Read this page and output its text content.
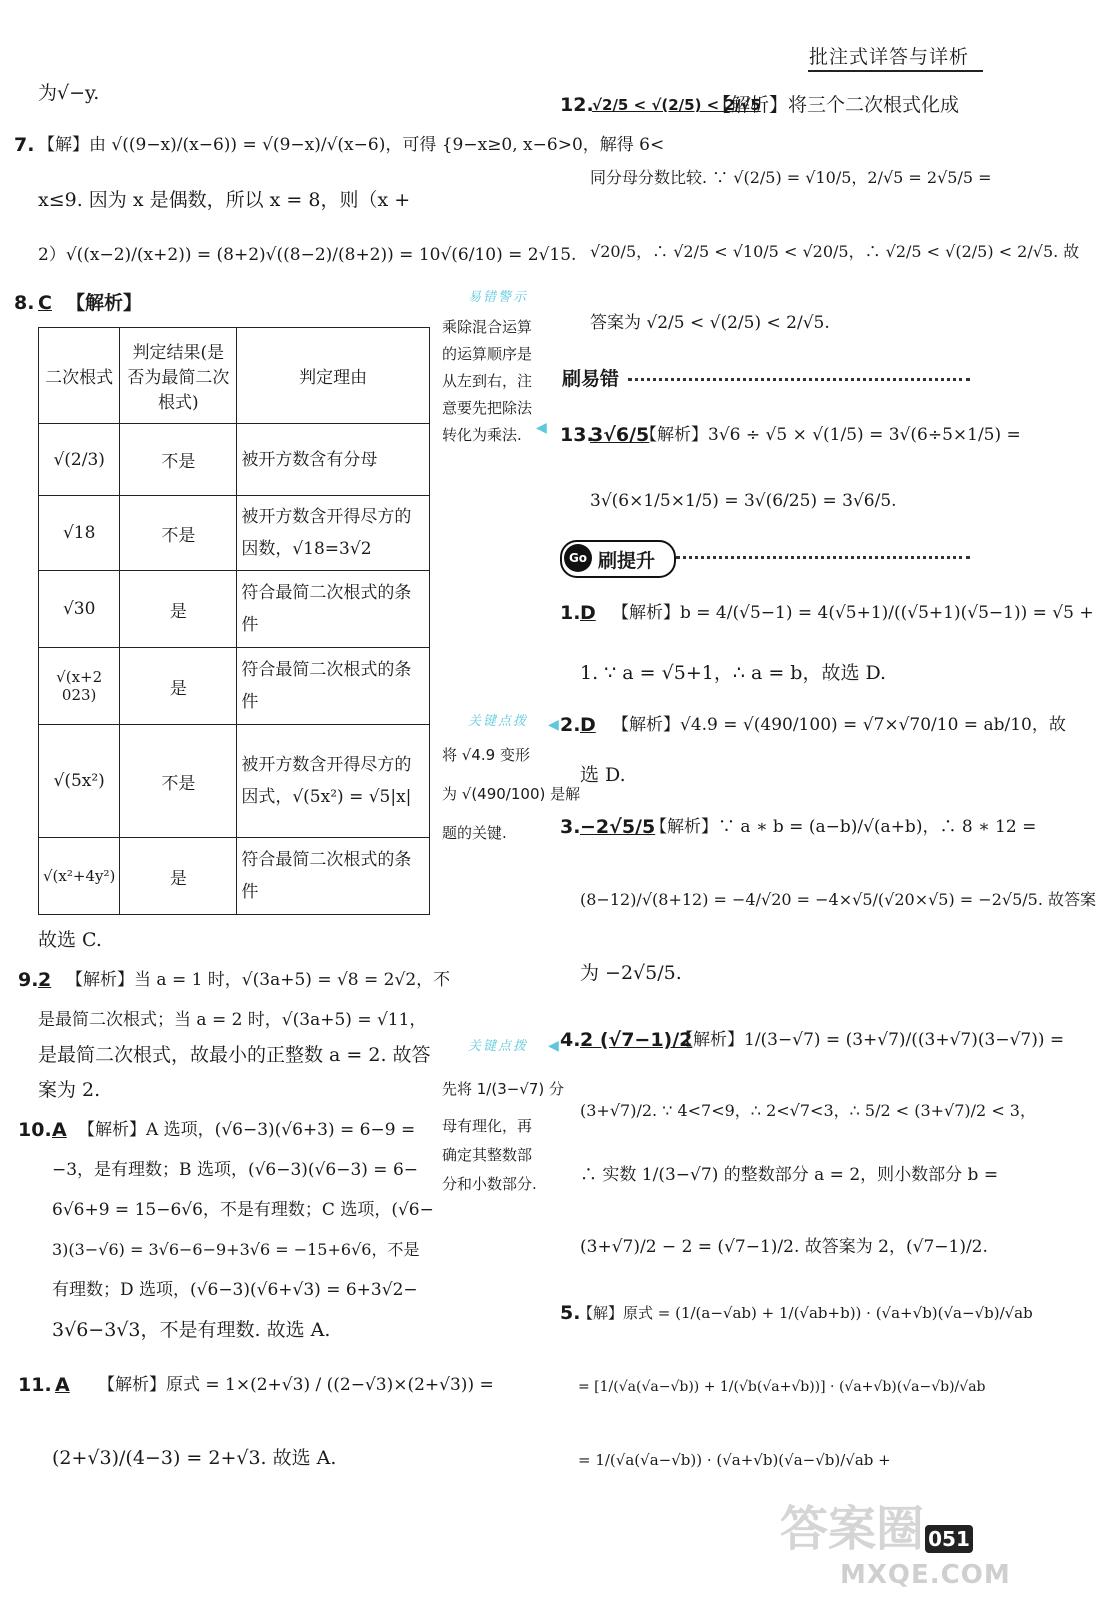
批注式详答与详析
为√−y.
7. 【解】由 √((9−x)/(x−6)) = √(9−x)/√(x−6)，可得 {9−x≥0, x−6>0，解得 6<
x≤9. 因为 x 是偶数，所以 x = 8，则（x +
2）√((x−2)/(x+2)) = (8+2)√((8−2)/(8+2)) = 10√(6/10) = 2√15.
8. C 【解析】
二次根式	判定结果(是否为最简二次根式)	判定理由
√(2/3)	不是	被开方数含有分母
√18	不是	被开方数含开得尽方的因数，√18=3√2
√30	是	符合最简二次根式的条件
√(x+2 023)	是	符合最简二次根式的条件
√(5x²)	不是	被开方数含开得尽方的因式，√(5x²) = √5|x|
√(x²+4y²)	是	符合最简二次根式的条件
故选 C.
9. 2 【解析】当 a = 1 时，√(3a+5) = √8 = 2√2，不
是最简二次根式；当 a = 2 时，√(3a+5) = √11，
是最简二次根式，故最小的正整数 a = 2. 故答
案为 2.
10. A 【解析】A 选项，(√6−3)(√6+3) = 6−9 =
−3，是有理数；B 选项，(√6−3)(√6−3) = 6−
6√6+9 = 15−6√6，不是有理数；C 选项，(√6−
3)(3−√6) = 3√6−6−9+3√6 = −15+6√6，不是
有理数；D 选项，(√6−3)(√6+√3) = 6+3√2−
3√6−3√3，不是有理数. 故选 A.
11. A 【解析】原式 = 1×(2+√3) / ((2−√3)×(2+√3)) =
(2+√3)/(4−3) = 2+√3. 故选 A.
易错警示
乘除混合运算
的运算顺序是
从左到右，注
意要先把除法
转化为乘法.	◀
关键点拨
将 √4.9 变形
为 √(490/100) 是解
题的关键.
◀
关键点拨
先将 1/(3−√7) 分
母有理化，再
确定其整数部
分和小数部分.
◀
12.
√2/5 < √(2/5) < 2/√5
【解析】将三个二次根式化成
同分母分数比较. ∵ √(2/5) = √10/5，2/√5 = 2√5/5 =
√20/5，∴ √2/5 < √10/5 < √20/5，∴ √2/5 < √(2/5) < 2/√5. 故
答案为 √2/5 < √(2/5) < 2/√5.
刷易错
13.
3√6/5
【解析】3√6 ÷ √5 × √(1/5) = 3√(6÷5×1/5) =
3√(6×1/5×1/5) = 3√(6/25) = 3√6/5.
Go 刷提升
1. D 【解析】b = 4/(√5−1) = 4(√5+1)/((√5+1)(√5−1)) = √5 +
1. ∵ a = √5+1，∴ a = b，故选 D.
2. D 【解析】√4.9 = √(490/100) = √7×√70/10 = ab/10，故
选 D.
3. −2√5/5
【解析】∵ a ∗ b = (a−b)/√(a+b)，∴ 8 ∗ 12 =
(8−12)/√(8+12) = −4/√20 = −4×√5/(√20×√5) = −2√5/5. 故答案
为 −2√5/5.
4. 2 (√7−1)/2
【解析】1/(3−√7) = (3+√7)/((3+√7)(3−√7)) =
(3+√7)/2. ∵ 4<7<9，∴ 2<√7<3，∴ 5/2 < (3+√7)/2 < 3，
∴ 实数 1/(3−√7) 的整数部分 a = 2，则小数部分 b =
(3+√7)/2 − 2 = (√7−1)/2. 故答案为 2，(√7−1)/2.
5.
【解】原式 = (1/(a−√ab) + 1/(√ab+b)) · (√a+√b)(√a−√b)/√ab
= [1/(√a(√a−√b)) + 1/(√b(√a+√b))] · (√a+√b)(√a−√b)/√ab
= 1/(√a(√a−√b)) · (√a+√b)(√a−√b)/√ab +
答案圈
MXQE.COM
051
